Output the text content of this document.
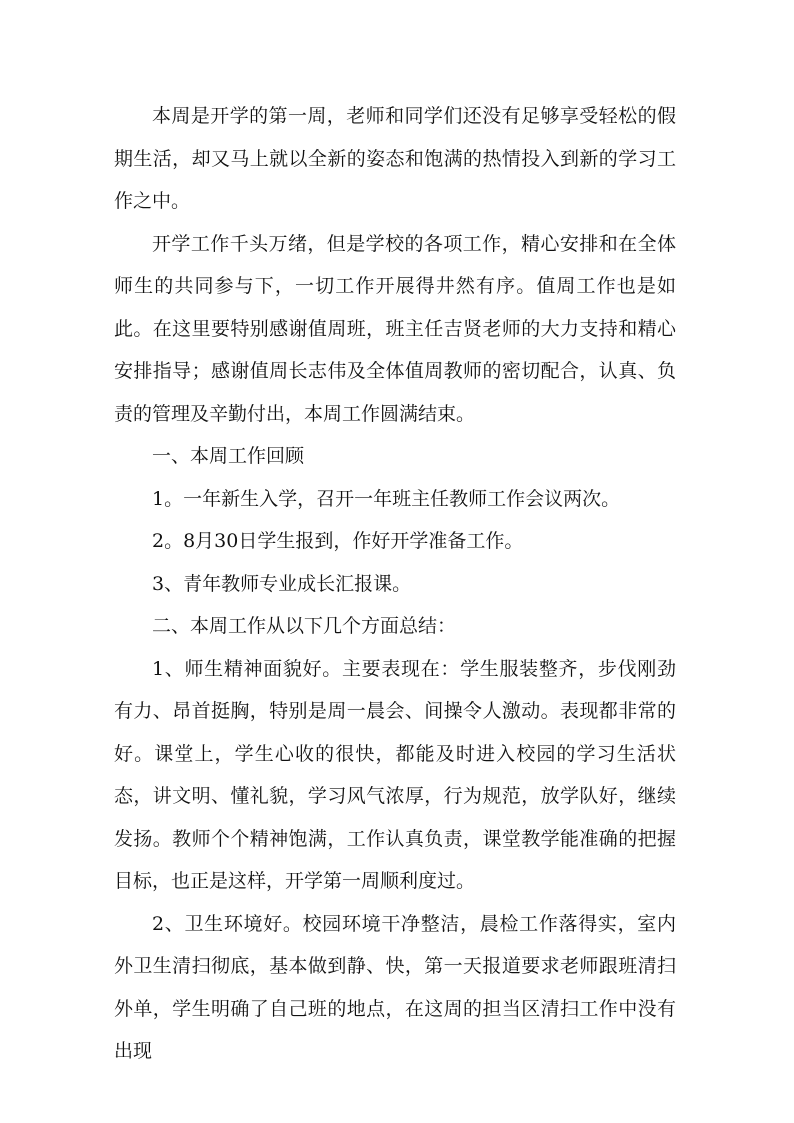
本周是开学的第一周，老师和同学们还没有足够享受轻松的假期生活，却又马上就以全新的姿态和饱满的热情投入到新的学习工作之中。

开学工作千头万绪，但是学校的各项工作，精心安排和在全体师生的共同参与下，一切工作开展得井然有序。值周工作也是如此。在这里要特别感谢值周班，班主任吉贤老师的大力支持和精心安排指导；感谢值周长志伟及全体值周教师的密切配合，认真、负责的管理及辛勤付出，本周工作圆满结束。

一、本周工作回顾

1。一年新生入学，召开一年班主任教师工作会议两次。

2。8月30日学生报到，作好开学准备工作。

3、青年教师专业成长汇报课。

二、本周工作从以下几个方面总结：

1、师生精神面貌好。主要表现在：学生服装整齐，步伐刚劲有力、昂首挺胸，特别是周一晨会、间操令人激动。表现都非常的好。课堂上，学生心收的很快，都能及时进入校园的学习生活状态，讲文明、懂礼貌，学习风气浓厚，行为规范，放学队好，继续发扬。教师个个精神饱满，工作认真负责，课堂教学能准确的把握目标，也正是这样，开学第一周顺利度过。

2、卫生环境好。校园环境干净整洁，晨检工作落得实，室内外卫生清扫彻底，基本做到静、快，第一天报道要求老师跟班清扫外单，学生明确了自己班的地点，在这周的担当区清扫工作中没有出现
